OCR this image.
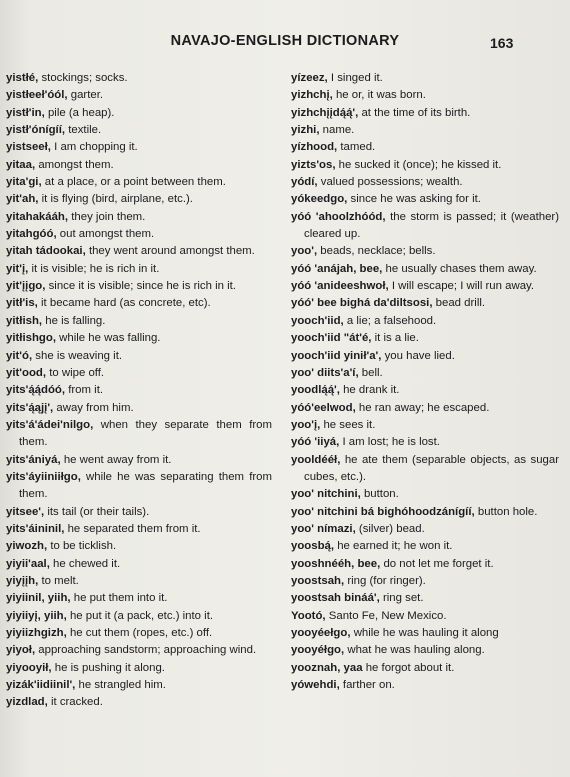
NAVAJO-ENGLISH DICTIONARY	163

yistłé, stockings; socks.

yistłeeł'óól, garter.

yistł'in, pile (a heap).

yistł'ónígíí, textile.

yistseeł, I am chopping it.

yitaa, amongst them.

yita'gi, at a place, or a point between them.

yit'ah, it is flying (bird, airplane, etc.).

yitahakááh, they join them.

yitahgóó, out amongst them.

yitah tádookai, they went around amongst them.

yit'į, it is visible; he is rich in it.

yit'įįgo, since it is visible; since he is rich in it.

yitł'is, it became hard (as concrete, etc).

yitłish, he is falling.

yitłishgo, while he was falling.

yit'ó, she is weaving it.

yit'ood, to wipe off.

yits'ą́ą́dóó, from it.

yits'ą́ąjį', away from him.

yits'á'ádei'nilgo, when they separate them from them.

yits'ániyá, he went away from it.

yits'áyiiniiłgo, while he was separating them from them.

yitsee', its tail (or their tails).

yits'áininil, he separated them from it.

yiwozh, to be ticklish.

yiyii'aal, he chewed it.

yiyįįh, to melt.

yiyiinil, yiih, he put them into it.

yiyiiyį, yiih, he put it (a pack, etc.) into it.

yiyiizhgizh, he cut them (ropes, etc.) off.

yiyoł, approaching sandstorm; approaching wind.

yiyooyił, he is pushing it along.

yizák'iidiinil', he strangled him.

yizdlad, it cracked.

yízeez, I singed it.

yizhchį, he or, it was born.

yizhchįįdą́ą́', at the time of its birth.

yizhi, name.

yízhood, tamed.

yizts'os, he sucked it (once); he kissed it.

yódí, valued possessions; wealth.

yókeedgo, since he was asking for it.

yóó 'ahoolzhóód, the storm is passed; it (weather) cleared up.

yoo', beads, necklace; bells.

yóó 'anájah, bee, he usually chases them away.

yóó 'anideeshwoł, I will escape; I will run away.

yóó' bee bighá da'diltsosi, bead drill.

yooch'iid, a lie; a falsehood.

yooch'iid "át'é, it is a lie.

yooch'iid yinił'a', you have lied.

yoo' diits'a'í, bell.

yoodlą́ą́', he drank it.

yóó'eelwod, he ran away; he escaped.

yoo'į, he sees it.

yóó 'iiyá, I am lost; he is lost.

yooldééł, he ate them (separable objects, as sugar cubes, etc.).

yoo' nitchini, button.

yoo' nitchini bá bighóhoodzánígíí, button hole.

yoo' nímazi, (silver) bead.

yoosbą́, he earned it; he won it.

yooshnééh, bee, do not let me forget it.

yoostsah, ring (for ringer).

yoostsah bináá', ring set.

Yootó, Santo Fe, New Mexico.

yooyéełgo, while he was hauling it along

yooyéłgo, what he was hauling along.

yooznah, yaa he forgot about it.

yówehdi, farther on.
